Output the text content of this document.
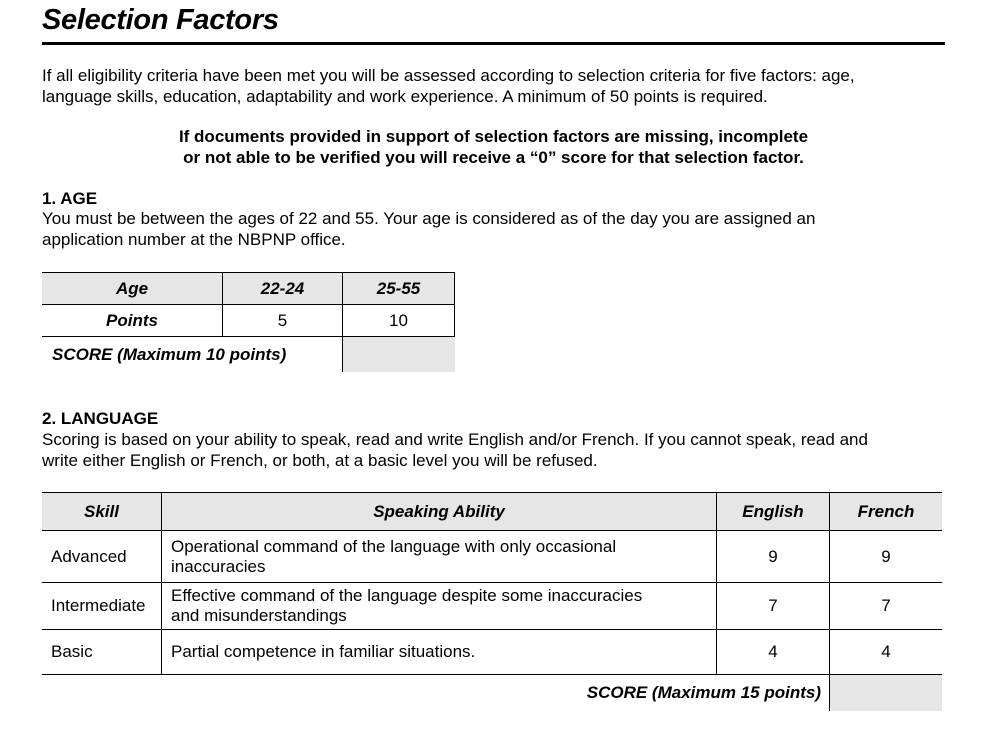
Selection Factors
If all eligibility criteria have been met you will be assessed according to selection criteria for five factors: age,
language skills, education, adaptability and work experience. A minimum of 50 points is required.
If documents provided in support of selection factors are missing, incomplete
or not able to be verified you will receive a “0” score for that selection factor.
1. AGE
You must be between the ages of 22 and 55. Your age is considered as of the day you are assigned an
application number at the NBPNP office.
Age	22-24	25-55
Points	5	10
SCORE (Maximum 10 points)		
2. LANGUAGE
Scoring is based on your ability to speak, read and write English and/or French. If you cannot speak, read and
write either English or French, or both, at a basic level you will be refused.
Skill	Speaking Ability	English	French
Advanced	Operational command of the language with only occasional
inaccuracies	9	9
Intermediate	Effective command of the language despite some inaccuracies
and misunderstandings	7	7
Basic	Partial competence in familiar situations.	4	4
SCORE (Maximum 15 points)			
